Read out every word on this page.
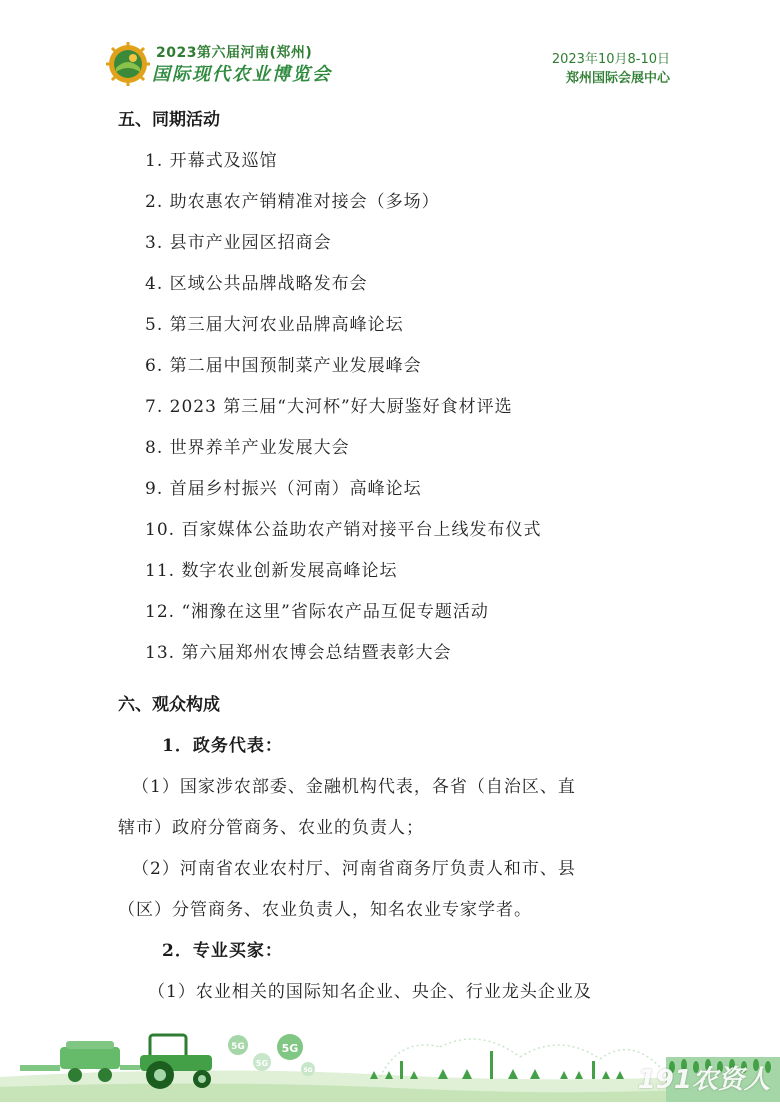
2023第六届河南(郑州)
国际现代农业博览会
2023年10月8-10日
郑州国际会展中心
五、同期活动
1. 开幕式及巡馆
2. 助农惠农产销精准对接会（多场）
3. 县市产业园区招商会
4. 区域公共品牌战略发布会
5. 第三届大河农业品牌高峰论坛
6. 第二届中国预制菜产业发展峰会
7. 2023 第三届“大河杯”好大厨鉴好食材评选
8. 世界养羊产业发展大会
9. 首届乡村振兴（河南）高峰论坛
10. 百家媒体公益助农产销对接平台上线发布仪式
11. 数字农业创新发展高峰论坛
12. “湘豫在这里”省际农产品互促专题活动
13. 第六届郑州农博会总结暨表彰大会
六、观众构成
1．政务代表：
（1）国家涉农部委、金融机构代表，各省（自治区、直
辖市）政府分管商务、农业的负责人；
（2）河南省农业农村厅、河南省商务厅负责人和市、县
（区）分管商务、农业负责人，知名农业专家学者。
2．专业买家：
（1）农业相关的国际知名企业、央企、行业龙头企业及
5G
5G
5G
5G	191农资人
